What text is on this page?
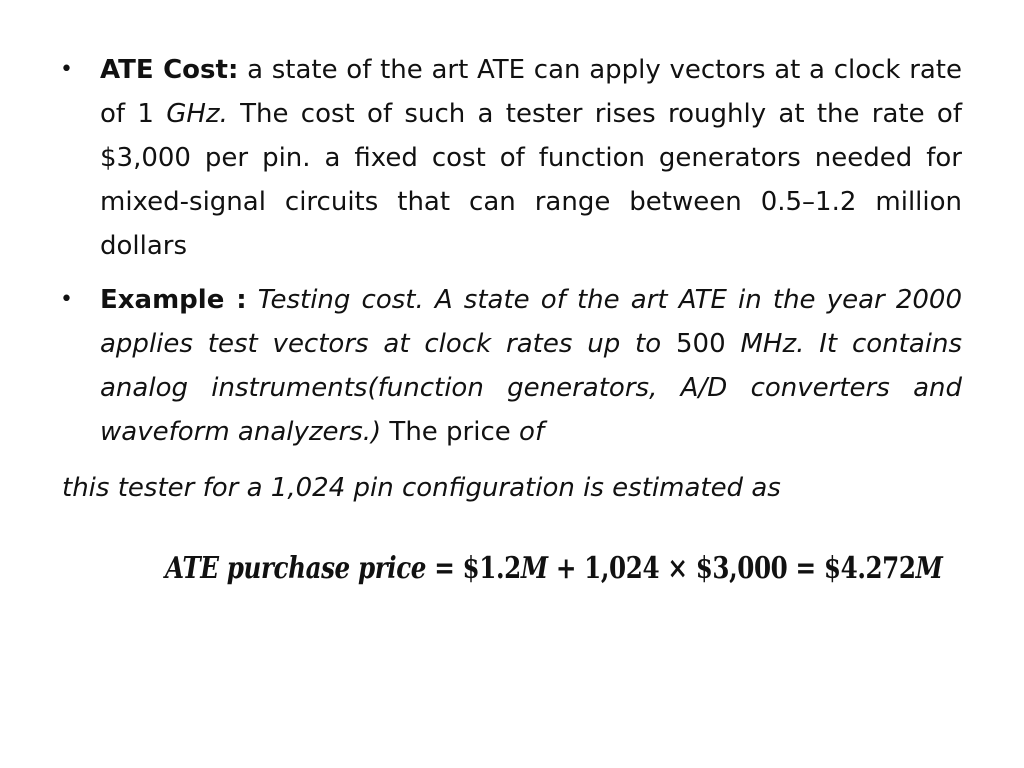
• ATE Cost: a state of the art ATE can apply vectors at a clock rate of 1 GHz. The cost of such a tester rises roughly at the rate of $3,000 per pin. a fixed cost of function generators needed for mixed-signal circuits that can range between 0.5–1.2 million dollars
• Example : Testing cost. A state of the art ATE in the year 2000 applies test vectors at clock rates up to 500 MHz. It contains analog instruments(function generators, A/D converters and waveform analyzers.) The price of
this tester for a 1,024 pin configuration is estimated as
ATE purchase price = $1.2M + 1,024 × $3,000 = $4.272M
